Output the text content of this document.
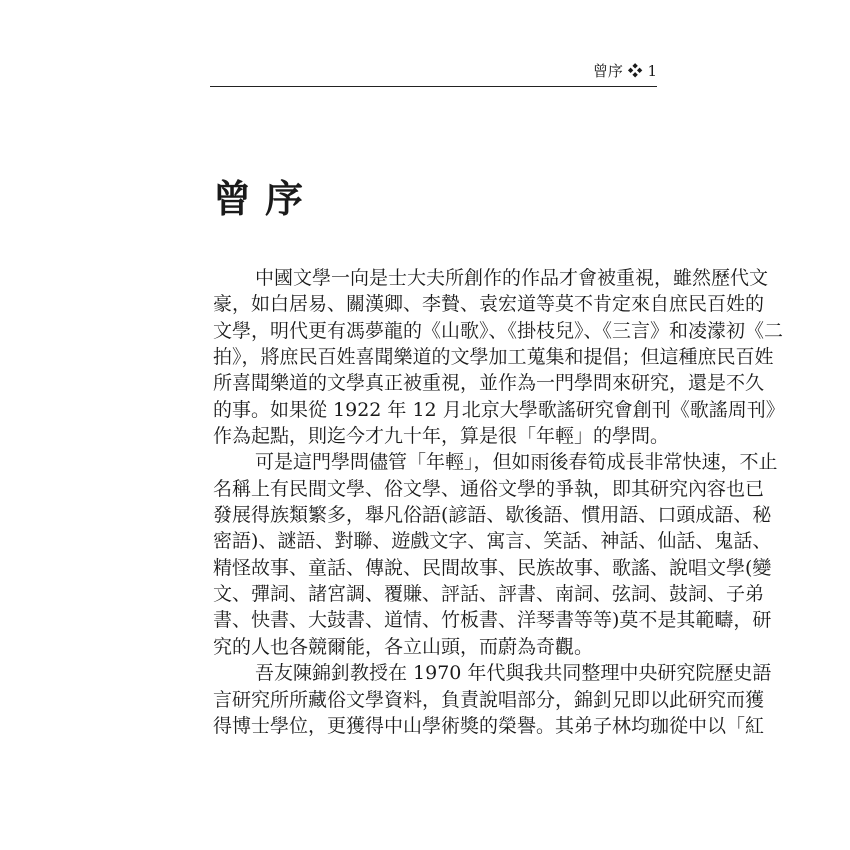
曾序 ❖ 1
曾序
中國文學一向是士大夫所創作的作品才會被重視，雖然歷代文
豪，如白居易、關漢卿、李贄、袁宏道等莫不肯定來自庶民百姓的
文學，明代更有馮夢龍的《山歌》、《掛枝兒》、《三言》和凌濛初《二
拍》，將庶民百姓喜聞樂道的文學加工蒐集和提倡；但這種庶民百姓
所喜聞樂道的文學真正被重視，並作為一門學問來研究，還是不久
的事。如果從 1922 年 12 月北京大學歌謠研究會創刊《歌謠周刊》
作為起點，則迄今才九十年，算是很「年輕」的學問。
可是這門學問儘管「年輕」，但如雨後春筍成長非常快速，不止
名稱上有民間文學、俗文學、通俗文學的爭執，即其研究內容也已
發展得族類繁多，舉凡俗語(諺語、歇後語、慣用語、口頭成語、秘
密語)、謎語、對聯、遊戲文字、寓言、笑話、神話、仙話、鬼話、
精怪故事、童話、傳說、民間故事、民族故事、歌謠、說唱文學(變
文、彈詞、諸宮調、覆賺、評話、評書、南詞、弦詞、鼓詞、子弟
書、快書、大鼓書、道情、竹板書、洋琴書等等)莫不是其範疇，研
究的人也各競爾能，各立山頭，而蔚為奇觀。
吾友陳錦釗教授在 1970 年代與我共同整理中央研究院歷史語
言研究所所藏俗文學資料，負責說唱部分，錦釗兄即以此研究而獲
得博士學位，更獲得中山學術獎的榮譽。其弟子林均珈從中以「紅
